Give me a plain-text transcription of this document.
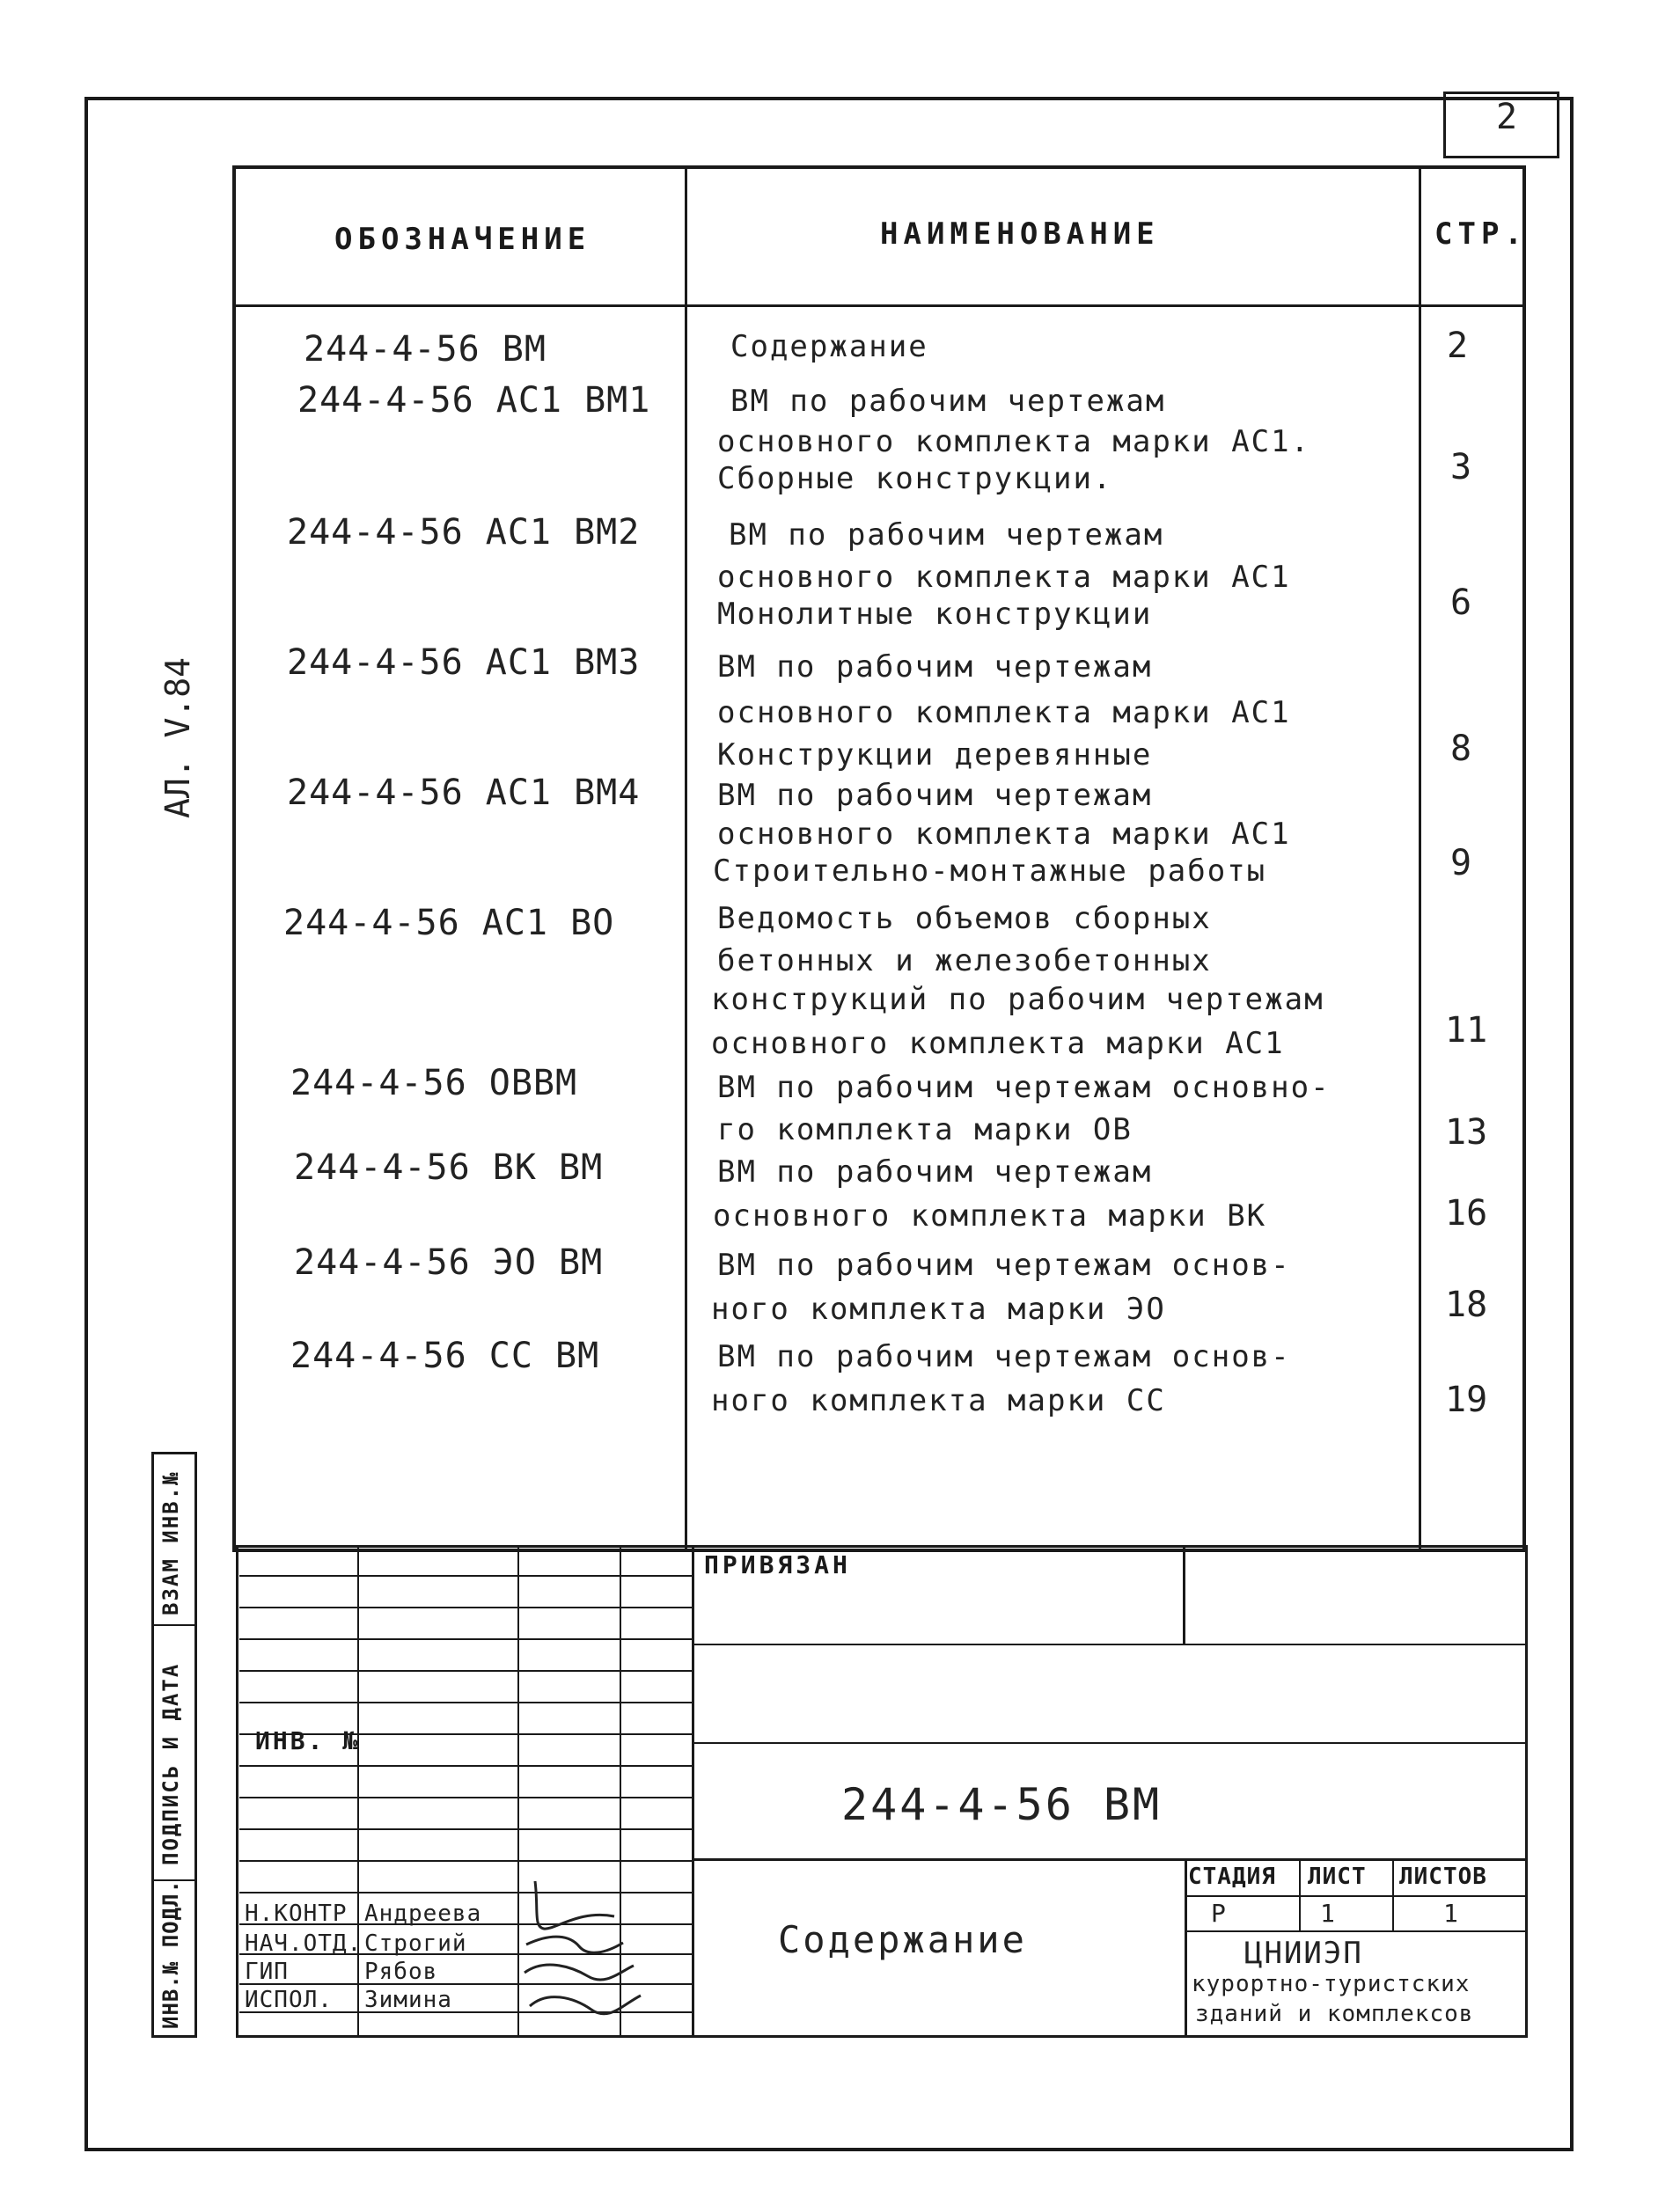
2
ОБОЗНАЧЕНИЕ	НАИМЕНОВАНИЕ	СТР.
АЛ. V.84
244-4-56 ВМ	Содержание	2
244-4-56 АС1 ВМ1	ВМ по рабочим чертежам
основного комплекта марки АС1.
Сборные конструкции.	3
244-4-56 АС1 ВМ2	ВМ по рабочим чертежам
основного комплекта марки АС1
Монолитные конструкции	6
244-4-56 АС1 ВМ3	ВМ по рабочим чертежам
основного комплекта марки АС1
Конструкции деревянные	8
244-4-56 АС1 ВМ4	ВМ по рабочим чертежам
основного комплекта марки АС1
Строительно-монтажные работы	9
244-4-56 АС1 ВО	Ведомость объемов сборных
бетонных и железобетонных
конструкций по рабочим чертежам
основного комплекта марки АС1	11
244-4-56 ОВВМ	ВМ по рабочим чертежам основно-
го комплекта марки ОВ	13
244-4-56 ВК ВМ	ВМ по рабочим чертежам
основного комплекта марки ВК	16
244-4-56 ЭО ВМ	ВМ по рабочим чертежам основ-
ного комплекта марки ЭО	18
244-4-56 СС ВМ	ВМ по рабочим чертежам основ-
ного комплекта марки СС	19
ВЗАМ ИНВ.№
ПОДПИСЬ И ДАТА
ИНВ.№ ПОДЛ.
ИНВ. №
ПРИВЯЗАН
244-4-56 ВМ
Содержание
СТАДИЯ ЛИСТ ЛИСТОВ
Р	1	1
ЦНИИЭП
курортно-туристских
зданий и комплексов
Н.КОНТР Андреева
НАЧ.ОТД. Строгий
ГИП	Рябов
ИСПОЛ. Зимина
